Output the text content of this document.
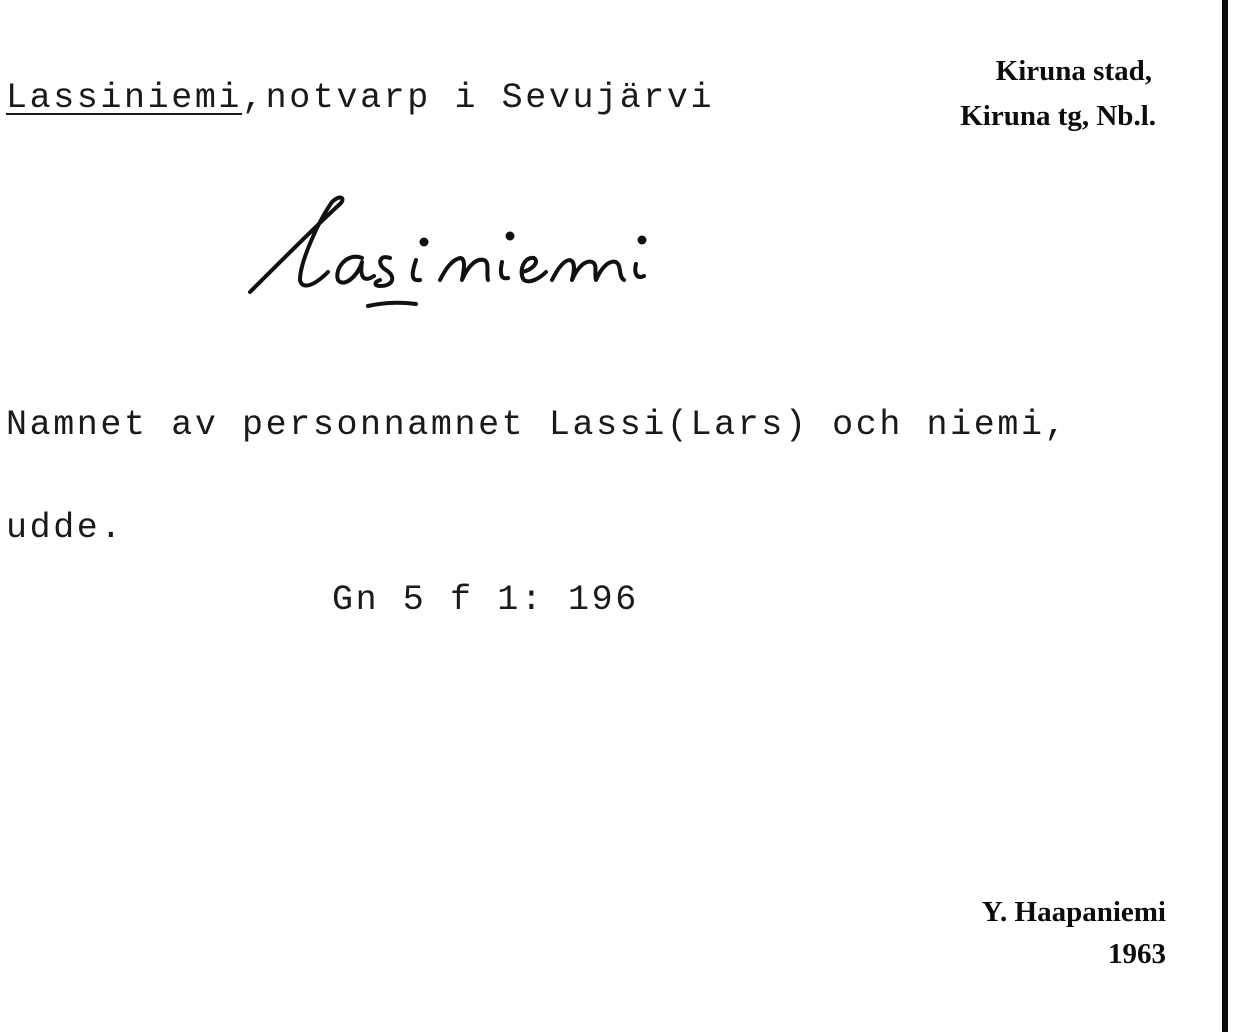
Lassiniemi,notvarp i Sevujärvi
Kiruna stad,
Kiruna tg, Nb.l.
Namnet av personnamnet Lassi(Lars) och niemi,
udde.
Gn 5 f 1: 196
Y. Haapaniemi
1963
